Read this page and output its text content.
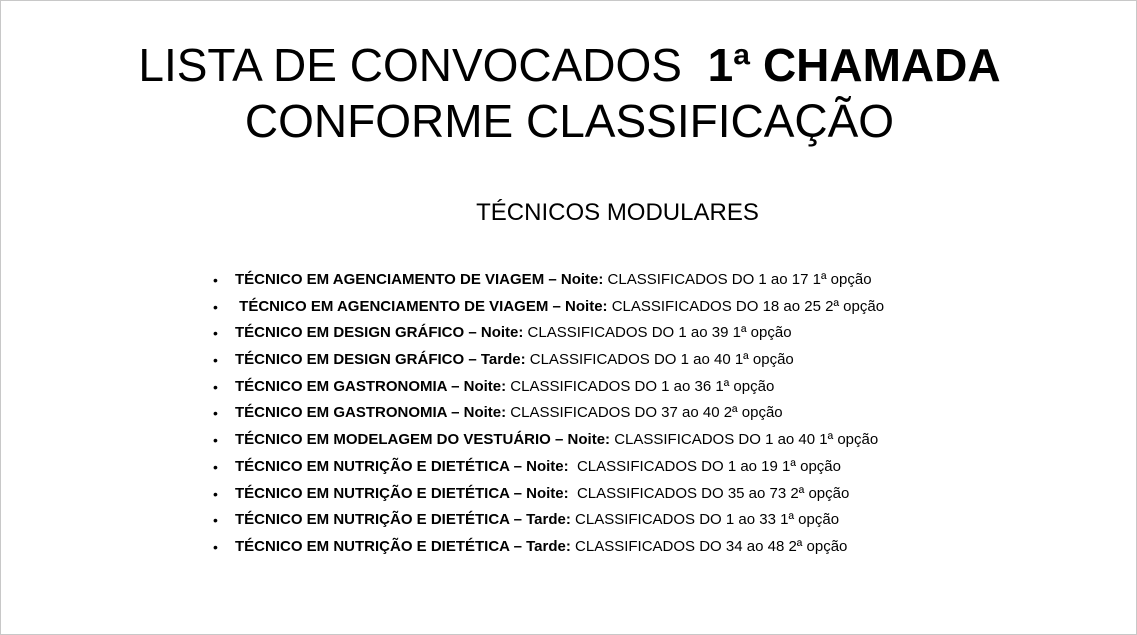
LISTA DE CONVOCADOS  1ª CHAMADA
CONFORME CLASSIFICAÇÃO
TÉCNICOS MODULARES
• TÉCNICO EM AGENCIAMENTO DE VIAGEM – Noite: CLASSIFICADOS DO 1 ao 17 1ª opção
• TÉCNICO EM AGENCIAMENTO DE VIAGEM – Noite: CLASSIFICADOS DO 18 ao 25 2ª opção
• TÉCNICO EM DESIGN GRÁFICO – Noite: CLASSIFICADOS DO 1 ao 39 1ª opção
• TÉCNICO EM DESIGN GRÁFICO – Tarde: CLASSIFICADOS DO 1 ao 40 1ª opção
• TÉCNICO EM GASTRONOMIA – Noite: CLASSIFICADOS DO 1 ao 36 1ª opção
• TÉCNICO EM GASTRONOMIA – Noite: CLASSIFICADOS DO 37 ao 40 2ª opção
• TÉCNICO EM MODELAGEM DO VESTUÁRIO – Noite: CLASSIFICADOS DO 1 ao 40 1ª opção
• TÉCNICO EM NUTRIÇÃO E DIETÉTICA – Noite:  CLASSIFICADOS DO 1 ao 19 1ª opção
• TÉCNICO EM NUTRIÇÃO E DIETÉTICA – Noite:  CLASSIFICADOS DO 35 ao 73 2ª opção
• TÉCNICO EM NUTRIÇÃO E DIETÉTICA – Tarde: CLASSIFICADOS DO 1 ao 33 1ª opção
• TÉCNICO EM NUTRIÇÃO E DIETÉTICA – Tarde: CLASSIFICADOS DO 34 ao 48 2ª opção
